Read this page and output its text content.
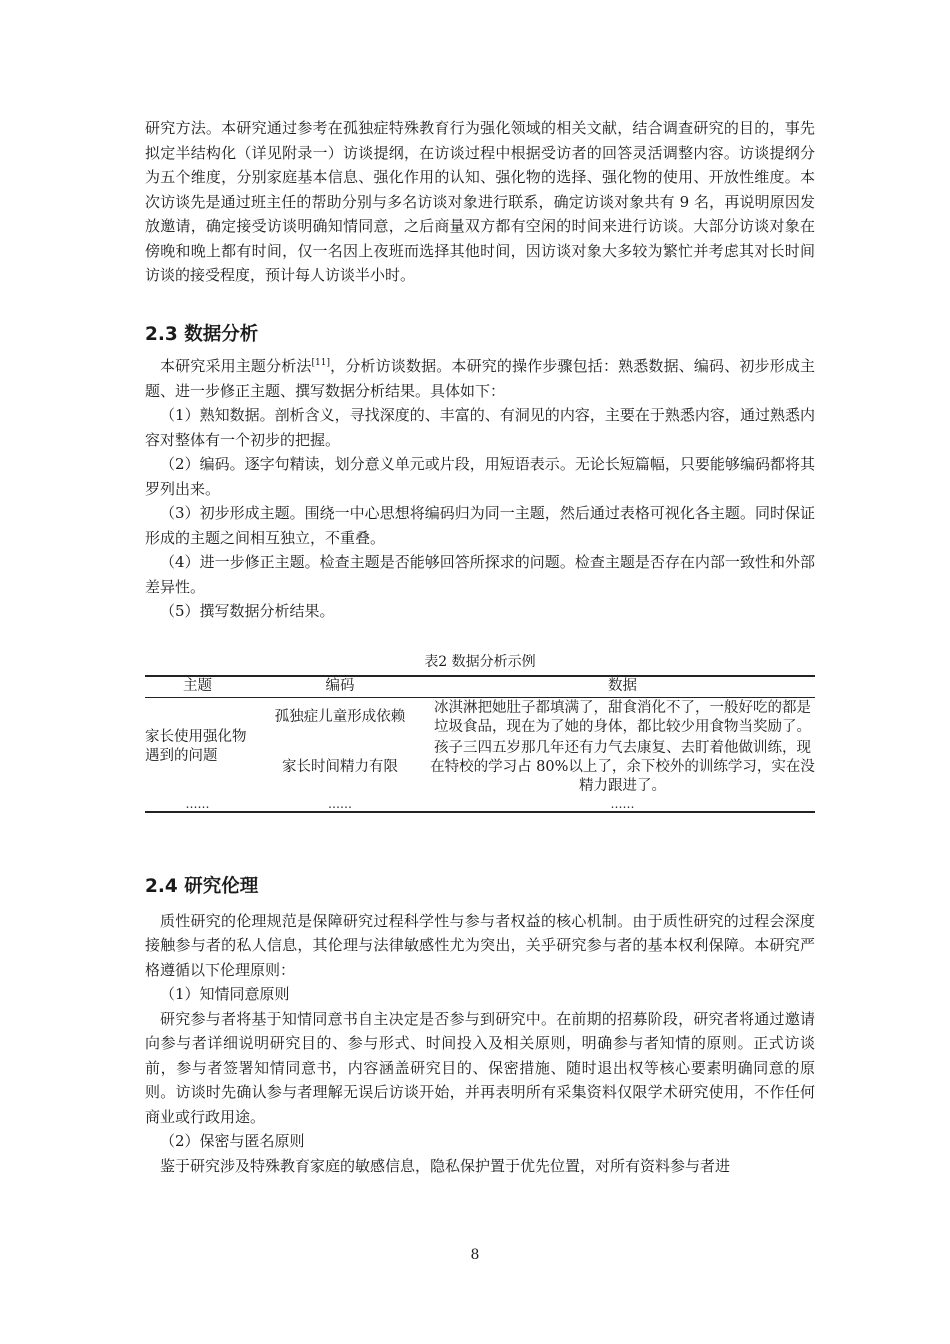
研究方法。本研究通过参考在孤独症特殊教育行为强化领域的相关文献，结合调查研究的目的，事先拟定半结构化（详见附录一）访谈提纲，在访谈过程中根据受访者的回答灵活调整内容。访谈提纲分为五个维度，分别家庭基本信息、强化作用的认知、强化物的选择、强化物的使用、开放性维度。本次访谈先是通过班主任的帮助分别与多名访谈对象进行联系，确定访谈对象共有 9 名，再说明原因发放邀请，确定接受访谈明确知情同意，之后商量双方都有空闲的时间来进行访谈。大部分访谈对象在傍晚和晚上都有时间，仅一名因上夜班而选择其他时间，因访谈对象大多较为繁忙并考虑其对长时间访谈的接受程度，预计每人访谈半小时。

2.3 数据分析

本研究采用主题分析法[11]，分析访谈数据。本研究的操作步骤包括：熟悉数据、编码、初步形成主题、进一步修正主题、撰写数据分析结果。具体如下：

（1）熟知数据。剖析含义，寻找深度的、丰富的、有洞见的内容，主要在于熟悉内容，通过熟悉内容对整体有一个初步的把握。

（2）编码。逐字句精读，划分意义单元或片段，用短语表示。无论长短篇幅，只要能够编码都将其罗列出来。

（3）初步形成主题。围绕一中心思想将编码归为同一主题，然后通过表格可视化各主题。同时保证形成的主题之间相互独立，不重叠。

（4）进一步修正主题。检查主题是否能够回答所探求的问题。检查主题是否存在内部一致性和外部差异性。

（5）撰写数据分析结果。

表2 数据分析示例
主题	编码	数据
家长使用强化物遇到的问题	孤独症儿童形成依赖	冰淇淋把她肚子都填满了，甜食消化不了，一般好吃的都是垃圾食品，现在为了她的身体，都比较少用食物当奖励了。
	家长时间精力有限	孩子三四五岁那几年还有力气去康复、去盯着他做训练，现在特校的学习占 80%以上了，余下校外的训练学习，实在没精力跟进了。
……	……	……
2.4 研究伦理

质性研究的伦理规范是保障研究过程科学性与参与者权益的核心机制。由于质性研究的过程会深度接触参与者的私人信息，其伦理与法律敏感性尤为突出，关乎研究参与者的基本权利保障。本研究严格遵循以下伦理原则：

（1）知情同意原则

研究参与者将基于知情同意书自主决定是否参与到研究中。在前期的招募阶段，研究者将通过邀请向参与者详细说明研究目的、参与形式、时间投入及相关原则，明确参与者知情的原则。正式访谈前，参与者签署知情同意书，内容涵盖研究目的、保密措施、随时退出权等核心要素明确同意的原则。访谈时先确认参与者理解无误后访谈开始，并再表明所有采集资料仅限学术研究使用，不作任何商业或行政用途。

（2）保密与匿名原则

鉴于研究涉及特殊教育家庭的敏感信息，隐私保护置于优先位置，对所有资料参与者进

8
